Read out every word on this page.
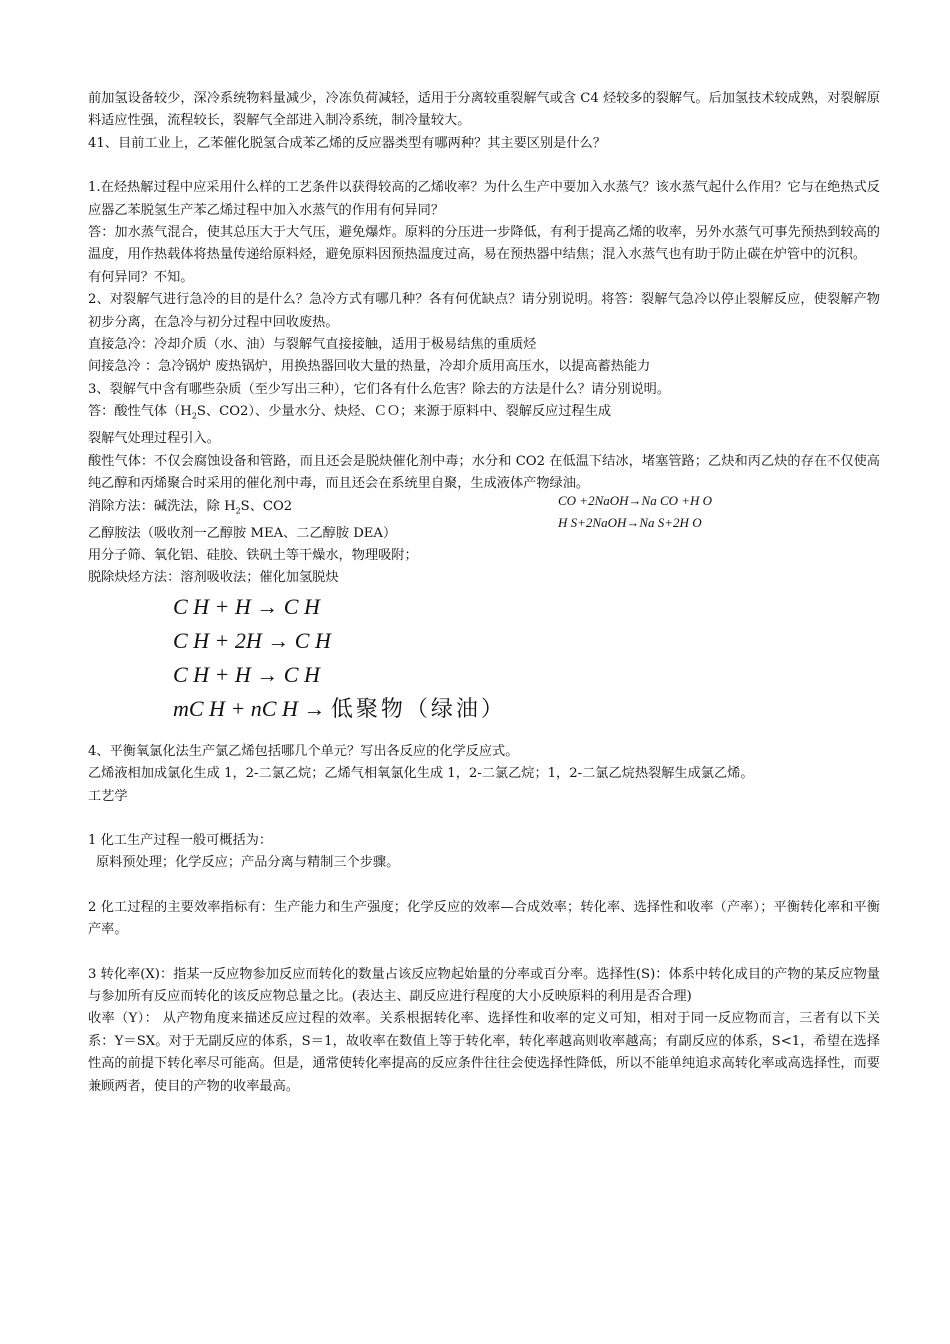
前加氢设备较少，深冷系统物料量减少，冷冻负荷减轻，适用于分离较重裂解气或含 C4 烃较多的裂解气。后加氢技术较成熟，对裂解原料适应性强，流程较长，裂解气全部进入制冷系统，制冷量较大。

41、目前工业上，乙苯催化脱氢合成苯乙烯的反应器类型有哪两种？其主要区别是什么？

1.在烃热解过程中应采用什么样的工艺条件以获得较高的乙烯收率？为什么生产中要加入水蒸气？该水蒸气起什么作用？它与在绝热式反应器乙苯脱氢生产苯乙烯过程中加入水蒸气的作用有何异同？

答：加水蒸气混合，使其总压大于大气压，避免爆炸。原料的分压进一步降低，有利于提高乙烯的收率，另外水蒸气可事先预热到较高的温度，用作热载体将热量传递给原料烃，避免原料因预热温度过高，易在预热器中结焦；混入水蒸气也有助于防止碳在炉管中的沉积。

有何异同？不知。

2、对裂解气进行急冷的目的是什么？急冷方式有哪几种？各有何优缺点？请分别说明。将答：裂解气急冷以停止裂解反应，使裂解产物初步分离，在急冷与初分过程中回收废热。

直接急冷：冷却介质（水、油）与裂解气直接接触，适用于极易结焦的重质烃

间接急冷 ：急冷锅炉 废热锅炉，用换热器回收大量的热量，冷却介质用高压水，以提高蓄热能力

3、裂解气中含有哪些杂质（至少写出三种），它们各有什么危害？除去的方法是什么？请分别说明。

答：酸性气体（$H_2S$、CO2）、少量水分、炔烃、ＣＯ；来源于原料中、裂解反应过程生成

裂解气处理过程引入。

酸性气体：不仅会腐蚀设备和管路，而且还会是脱炔催化剂中毒；水分和 CO2 在低温下结冰，堵塞管路；乙炔和丙乙炔的存在不仅使高纯乙醇和丙烯聚合时采用的催化剂中毒，而且还会在系统里自聚，生成液体产物绿油。

消除方法：碱洗法，除 $H_2S$、CO2

乙醇胺法（吸收剂一乙醇胺 MEA、二乙醇胺 DEA）

用分子筛、氧化铝、硅胶、铁矾土等干燥水，物理吸附；

脱除炔烃方法：溶剂吸收法；催化加氢脱炔

CO +2NaOH→Na CO +H O
H S+2NaOH→Na S+2H O
C H + H → C H
C H + 2H → C H
C H + H → C H
mC H + nC H → 低聚物（绿油）

4、平衡氧氯化法生产氯乙烯包括哪几个单元？写出各反应的化学反应式。

乙烯液相加成氯化生成 1，2-二氯乙烷；乙烯气相氧氯化生成 1，2-二氯乙烷；1，2-二氯乙烷热裂解生成氯乙烯。

工艺学

1 化工生产过程一般可概括为：

原料预处理；化学反应；产品分离与精制三个步骤。

2 化工过程的主要效率指标有：生产能力和生产强度；化学反应的效率—合成效率；转化率、选择性和收率（产率）；平衡转化率和平衡产率。

3 转化率(X)：指某一反应物参加反应而转化的数量占该反应物起始量的分率或百分率。选择性(S)：体系中转化成目的产物的某反应物量与参加所有反应而转化的该反应物总量之比。(表达主、副反应进行程度的大小反映原料的利用是否合理)

收率（Y）： 从产物角度来描述反应过程的效率。关系根据转化率、选择性和收率的定义可知，相对于同一反应物而言，三者有以下关系：Y＝SX。对于无副反应的体系，S＝1，故收率在数值上等于转化率，转化率越高则收率越高；有副反应的体系，S<1，希望在选择性高的前提下转化率尽可能高。但是，通常使转化率提高的反应条件往往会使选择性降低，所以不能单纯追求高转化率或高选择性，而要兼顾两者，使目的产物的收率最高。
